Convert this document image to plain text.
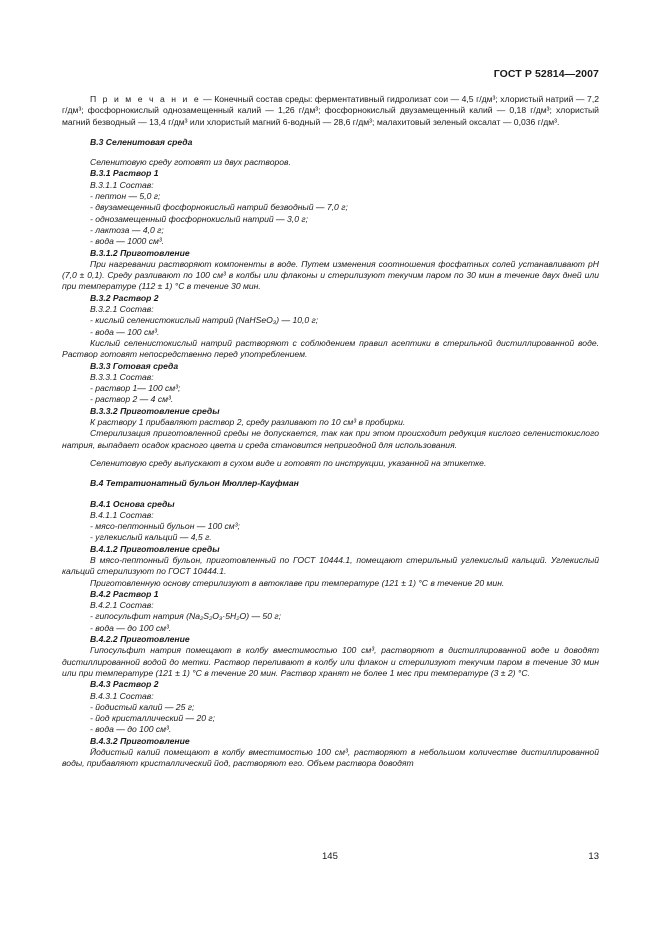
ГОСТ Р 52814—2007

П р и м е ч а н и е — Конечный состав среды: ферментативный гидролизат сои — 4,5 г/дм³; хлористый натрий — 7,2 г/дм³; фосфорнокислый однозамещенный калий — 1,26 г/дм³; фосфорнокислый двузамещенный калий — 0,18 г/дм³; хлористый магний безводный — 13,4 г/дм³ или хлористый магний 6-водный — 28,6 г/дм³; малахитовый зеленый оксалат — 0,036 г/дм³.

В.3 Селенитовая среда

Селенитовую среду готовят из двух растворов.

В.3.1 Раствор 1

В.3.1.1 Состав:

- пептон — 5,0 г;

- двузамещенный фосфорнокислый натрий безводный — 7,0 г;

- однозамещенный фосфорнокислый натрий — 3,0 г;

- лактоза — 4,0 г;

- вода — 1000 см³.

В.3.1.2 Приготовление

При нагревании растворяют компоненты в воде. Путем изменения соотношения фосфатных солей устанавливают pH (7,0 ± 0,1). Среду разливают по 100 см³ в колбы или флаконы и стерилизуют текучим паром по 30 мин в течение двух дней или при температуре (112 ± 1) °С в течение 30 мин.

В.3.2 Раствор 2

В.3.2.1 Состав:

- кислый селенистокислый натрий (NaHSeO₃) — 10,0 г;

- вода — 100 см³.

Кислый селенистокислый натрий растворяют с соблюдением правил асептики в стерильной дистиллированной воде. Раствор готовят непосредственно перед употреблением.

В.3.3 Готовая среда

В.3.3.1 Состав:

- раствор 1— 100 см³;

- раствор 2 — 4 см³.

В.3.3.2 Приготовление среды

К раствору 1 прибавляют раствор 2, среду разливают по 10 см³ в пробирки.

Стерилизация приготовленной среды не допускается, так как при этом происходит редукция кислого селенистокислого натрия, выпадает осадок красного цвета и среда становится непригодной для использования.

Селенитовую среду выпускают в сухом виде и готовят по инструкции, указанной на этикетке.

В.4 Тетратионатный бульон Мюллер-Кауфман

В.4.1 Основа среды

В.4.1.1 Состав:

- мясо-пептонный бульон — 100 см³;

- углекислый кальций — 4,5 г.

В.4.1.2 Приготовление среды

В мясо-пептонный бульон, приготовленный по ГОСТ 10444.1, помещают стерильный углекислый кальций. Углекислый кальций стерилизуют по ГОСТ 10444.1.

Приготовленную основу стерилизуют в автоклаве при температуре (121 ± 1) °С в течение 20 мин.

В.4.2 Раствор 1

В.4.2.1 Состав:

- гипосульфит натрия (Na₂S₂O₃·5H₂O) — 50 г;

- вода — до 100 см³.

В.4.2.2 Приготовление

Гипосульфит натрия помещают в колбу вместимостью 100 см³, растворяют в дистиллированной воде и доводят дистиллированной водой до метки. Раствор переливают в колбу или флакон и стерилизуют текучим паром в течение 30 мин или при температуре (121 ± 1) °С в течение 20 мин. Раствор хранят не более 1 мес при температуре (3 ± 2) °С.

В.4.3 Раствор 2

В.4.3.1 Состав:

- йодистый калий — 25 г;

- йод кристаллический — 20 г;

- вода — до 100 см³.

В.4.3.2 Приготовление

Йодистый калий помещают в колбу вместимостью 100 см³, растворяют в небольшом количестве дистиллированной воды, прибавляют кристаллический йод, растворяют его. Объем раствора доводят

145	13
